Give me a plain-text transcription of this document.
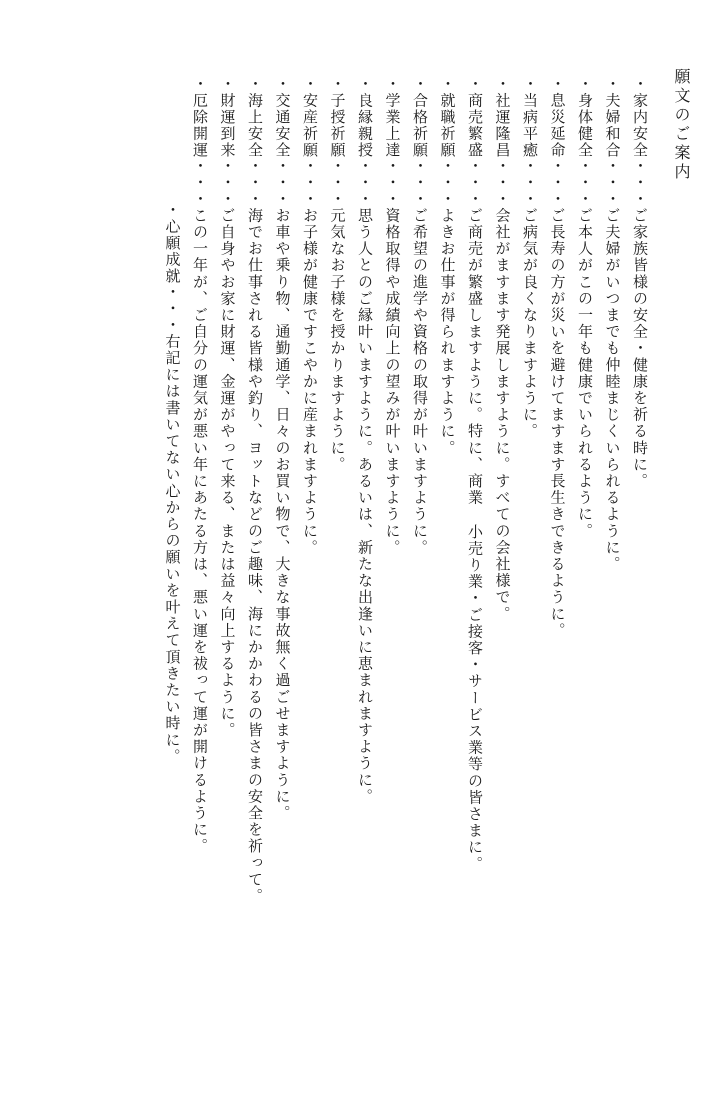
願文のご案内
・家内安全・・・ご家族皆様の安全・健康を祈る時に。
・夫婦和合・・・ご夫婦がいつまでも仲睦まじくいられるように。
・身体健全・・・ご本人がこの一年も健康でいられるように。
・息災延命・・・ご長寿の方が災いを避けてますます長生きできるように。
・当病平癒・・・ご病気が良くなりますように。
・社運隆昌・・・会社がますます発展しますように。すべての会社様で。
・商売繁盛・・・ご商売が繁盛しますように。特に、商業 小売り業・ご接客・サービス業等の皆さまに。
・就職祈願・・・よきお仕事が得られますように。
・合格祈願・・・ご希望の進学や資格の取得が叶いますように。
・学業上達・・・資格取得や成績向上の望みが叶いますように。
・良縁親授・・・思う人とのご縁叶いますように。あるいは、新たな出逢いに恵まれますように。
・子授祈願・・・元気なお子様を授かりますように。
・安産祈願・・・お子様が健康ですこやかに産まれますように。
・交通安全・・・お車や乗り物、通勤通学、日々のお買い物で、大きな事故無く過ごせますように。
・海上安全・・・海でお仕事される皆様や釣り、ヨットなどのご趣味、海にかかわるの皆さまの安全を祈って。
・財運到来・・・ご自身やお家に財運、金運がやって来る、または益々向上するように。
・厄除開運・・・この一年が、ご自分の運気が悪い年にあたる方は、悪い運を祓って運が開けるように。
・心願成就・・・右記には書いてない心からの願いを叶えて頂きたい時に。
